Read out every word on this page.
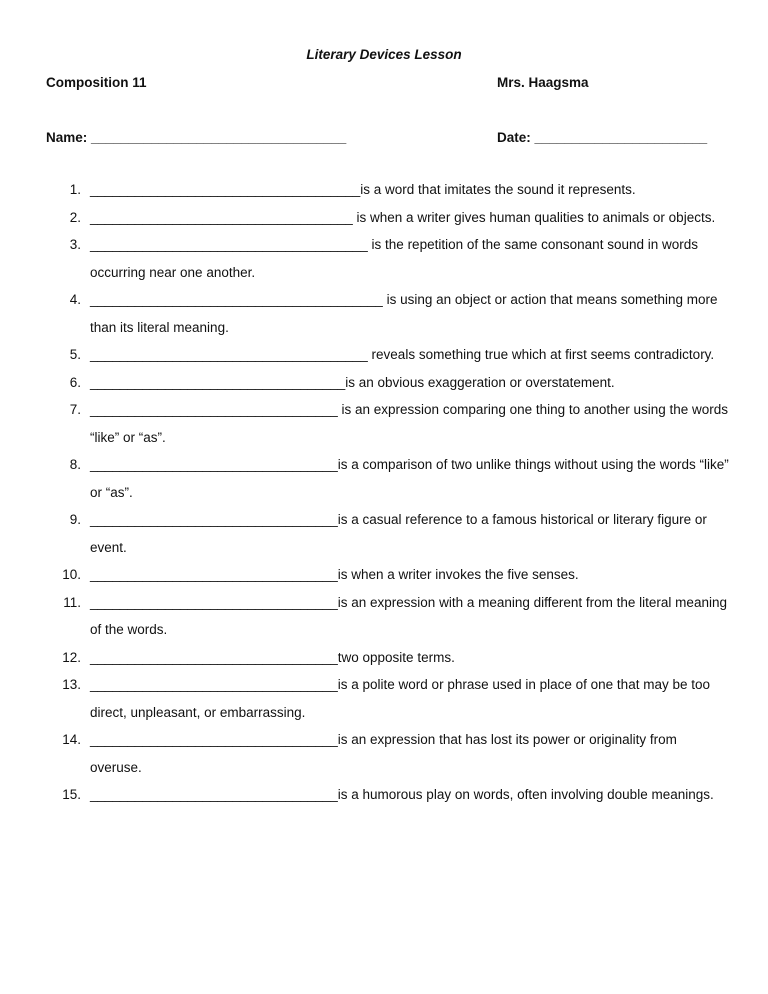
Literary Devices Lesson
Composition 11	Mrs. Haagsma
Name: __________________________________	Date: _______________________
1. ____________________________________is a word that imitates the sound it represents.
2. ___________________________________ is when a writer gives human qualities to animals or objects.
3. _____________________________________ is the repetition of the same consonant sound in words occurring near one another.
4. _______________________________________ is using an object or action that means something more than its literal meaning.
5. _____________________________________ reveals something true which at first seems contradictory.
6. __________________________________is an obvious exaggeration or overstatement.
7. _________________________________ is an expression comparing one thing to another using the words “like” or “as”.
8. _________________________________is a comparison of two unlike things without using the words “like” or “as”.
9. _________________________________is a casual reference to a famous historical or literary figure or event.
10. _________________________________is when a writer invokes the five senses.
11. _________________________________is an expression with a meaning different from the literal meaning of the words.
12. _________________________________two opposite terms.
13. _________________________________is a polite word or phrase used in place of one that may be too direct, unpleasant, or embarrassing.
14. _________________________________is an expression that has lost its power or originality from overuse.
15. _________________________________is a humorous play on words, often involving double meanings.
